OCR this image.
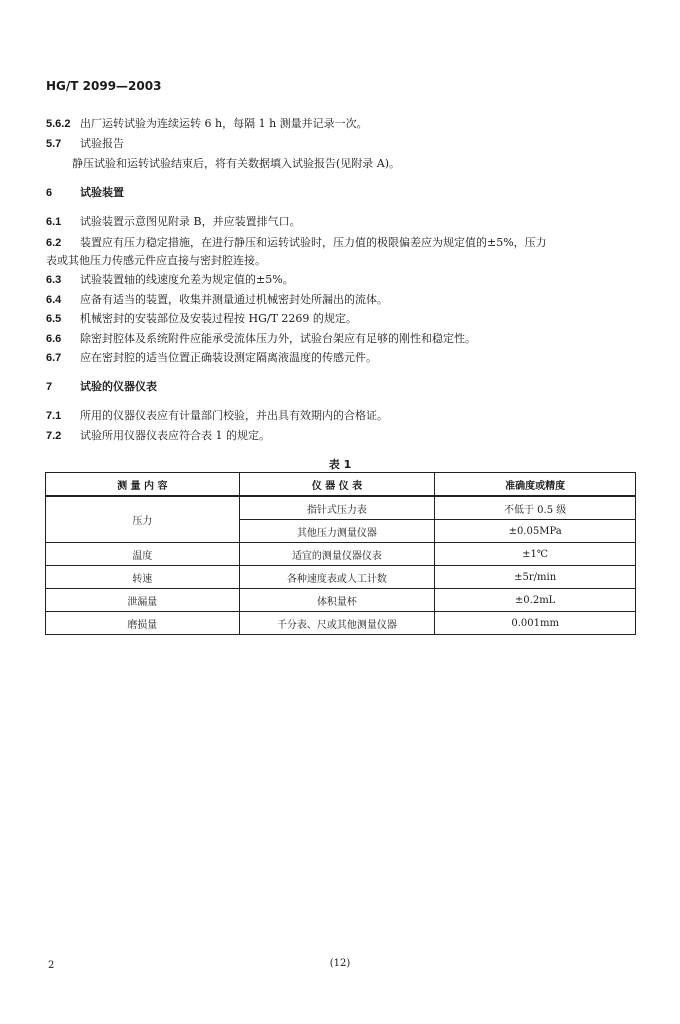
HG/T 2099—2003
5.6.2 出厂运转试验为连续运转 6 h，每隔 1 h 测量并记录一次。
5.7 试验报告
静压试验和运转试验结束后，将有关数据填入试验报告(见附录 A)。
6	试验装置
6.1 试验装置示意图见附录 B，并应装置排气口。
6.2 装置应有压力稳定措施，在进行静压和运转试验时，压力值的极限偏差应为规定值的±5%，压力
表或其他压力传感元件应直接与密封腔连接。
6.3 试验装置轴的线速度允差为规定值的±5%。
6.4 应备有适当的装置，收集并测量通过机械密封处所漏出的流体。
6.5 机械密封的安装部位及安装过程按 HG/T 2269 的规定。
6.6 除密封腔体及系统附件应能承受流体压力外，试验台架应有足够的刚性和稳定性。
6.7 应在密封腔的适当位置正确装设测定隔离液温度的传感元件。
7	试验的仪器仪表
7.1 所用的仪器仪表应有计量部门校验，并出具有效期内的合格证。
7.2 试验所用仪器仪表应符合表 1 的规定。
表 1
测 量 内 容	仪 器 仪 表	准确度或精度
压力	指针式压力表	不低于 0.5 级
	其他压力测量仪器	±0.05MPa
温度	适宜的测量仪器仪表	±1℃
转速	各种速度表或人工计数	±5r/min
泄漏量	体积量杯	±0.2mL
磨损量	千分表、尺或其他测量仪器	0.001mm
2	(12)
